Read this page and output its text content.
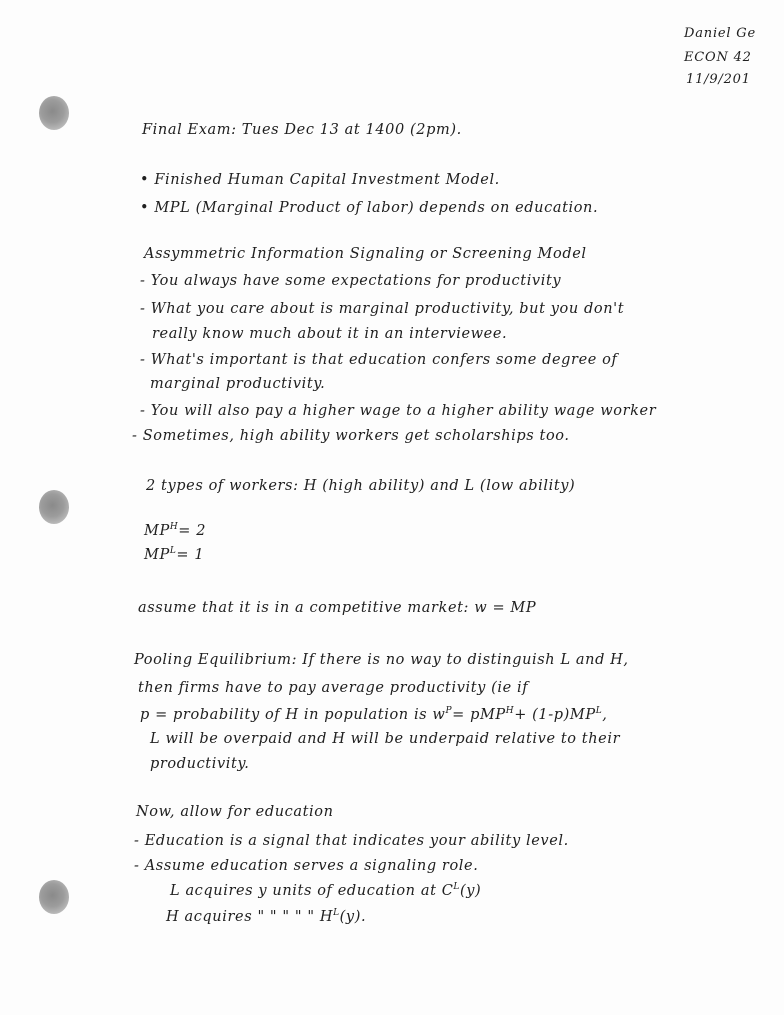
Daniel Ge
ECON 42
11/9/201
Final Exam: Tues Dec 13 at 1400 (2pm).
• Finished Human Capital Investment Model.
• MPL (Marginal Product of labor) depends on education.
Assymmetric Information Signaling or Screening Model
- You always have some expectations for productivity
- What you care about is marginal productivity, but you don't
really know much about it in an interviewee.
- What's important is that education confers some degree of
marginal productivity.
- You will also pay a higher wage to a higher ability wage worker
- Sometimes, high ability workers get scholarships too.
2 types of workers: H (high ability) and L (low ability)
$MP^H= 2$
$MP^L= 1$
assume that it is in a competitive market: w = MP
Pooling Equilibrium: If there is no way to distinguish L and H,
then firms have to pay average productivity (ie if
p = probability of H in population is $w^P= pMP^H+ (1-p)MP^L$,
L will be overpaid and H will be underpaid relative to their
productivity.
Now, allow for education
- Education is a signal that indicates your ability level.
- Assume education serves a signaling role.
L acquires y units of education at $C^L(y)$
H acquires " " " " " $H^L(y)$.
